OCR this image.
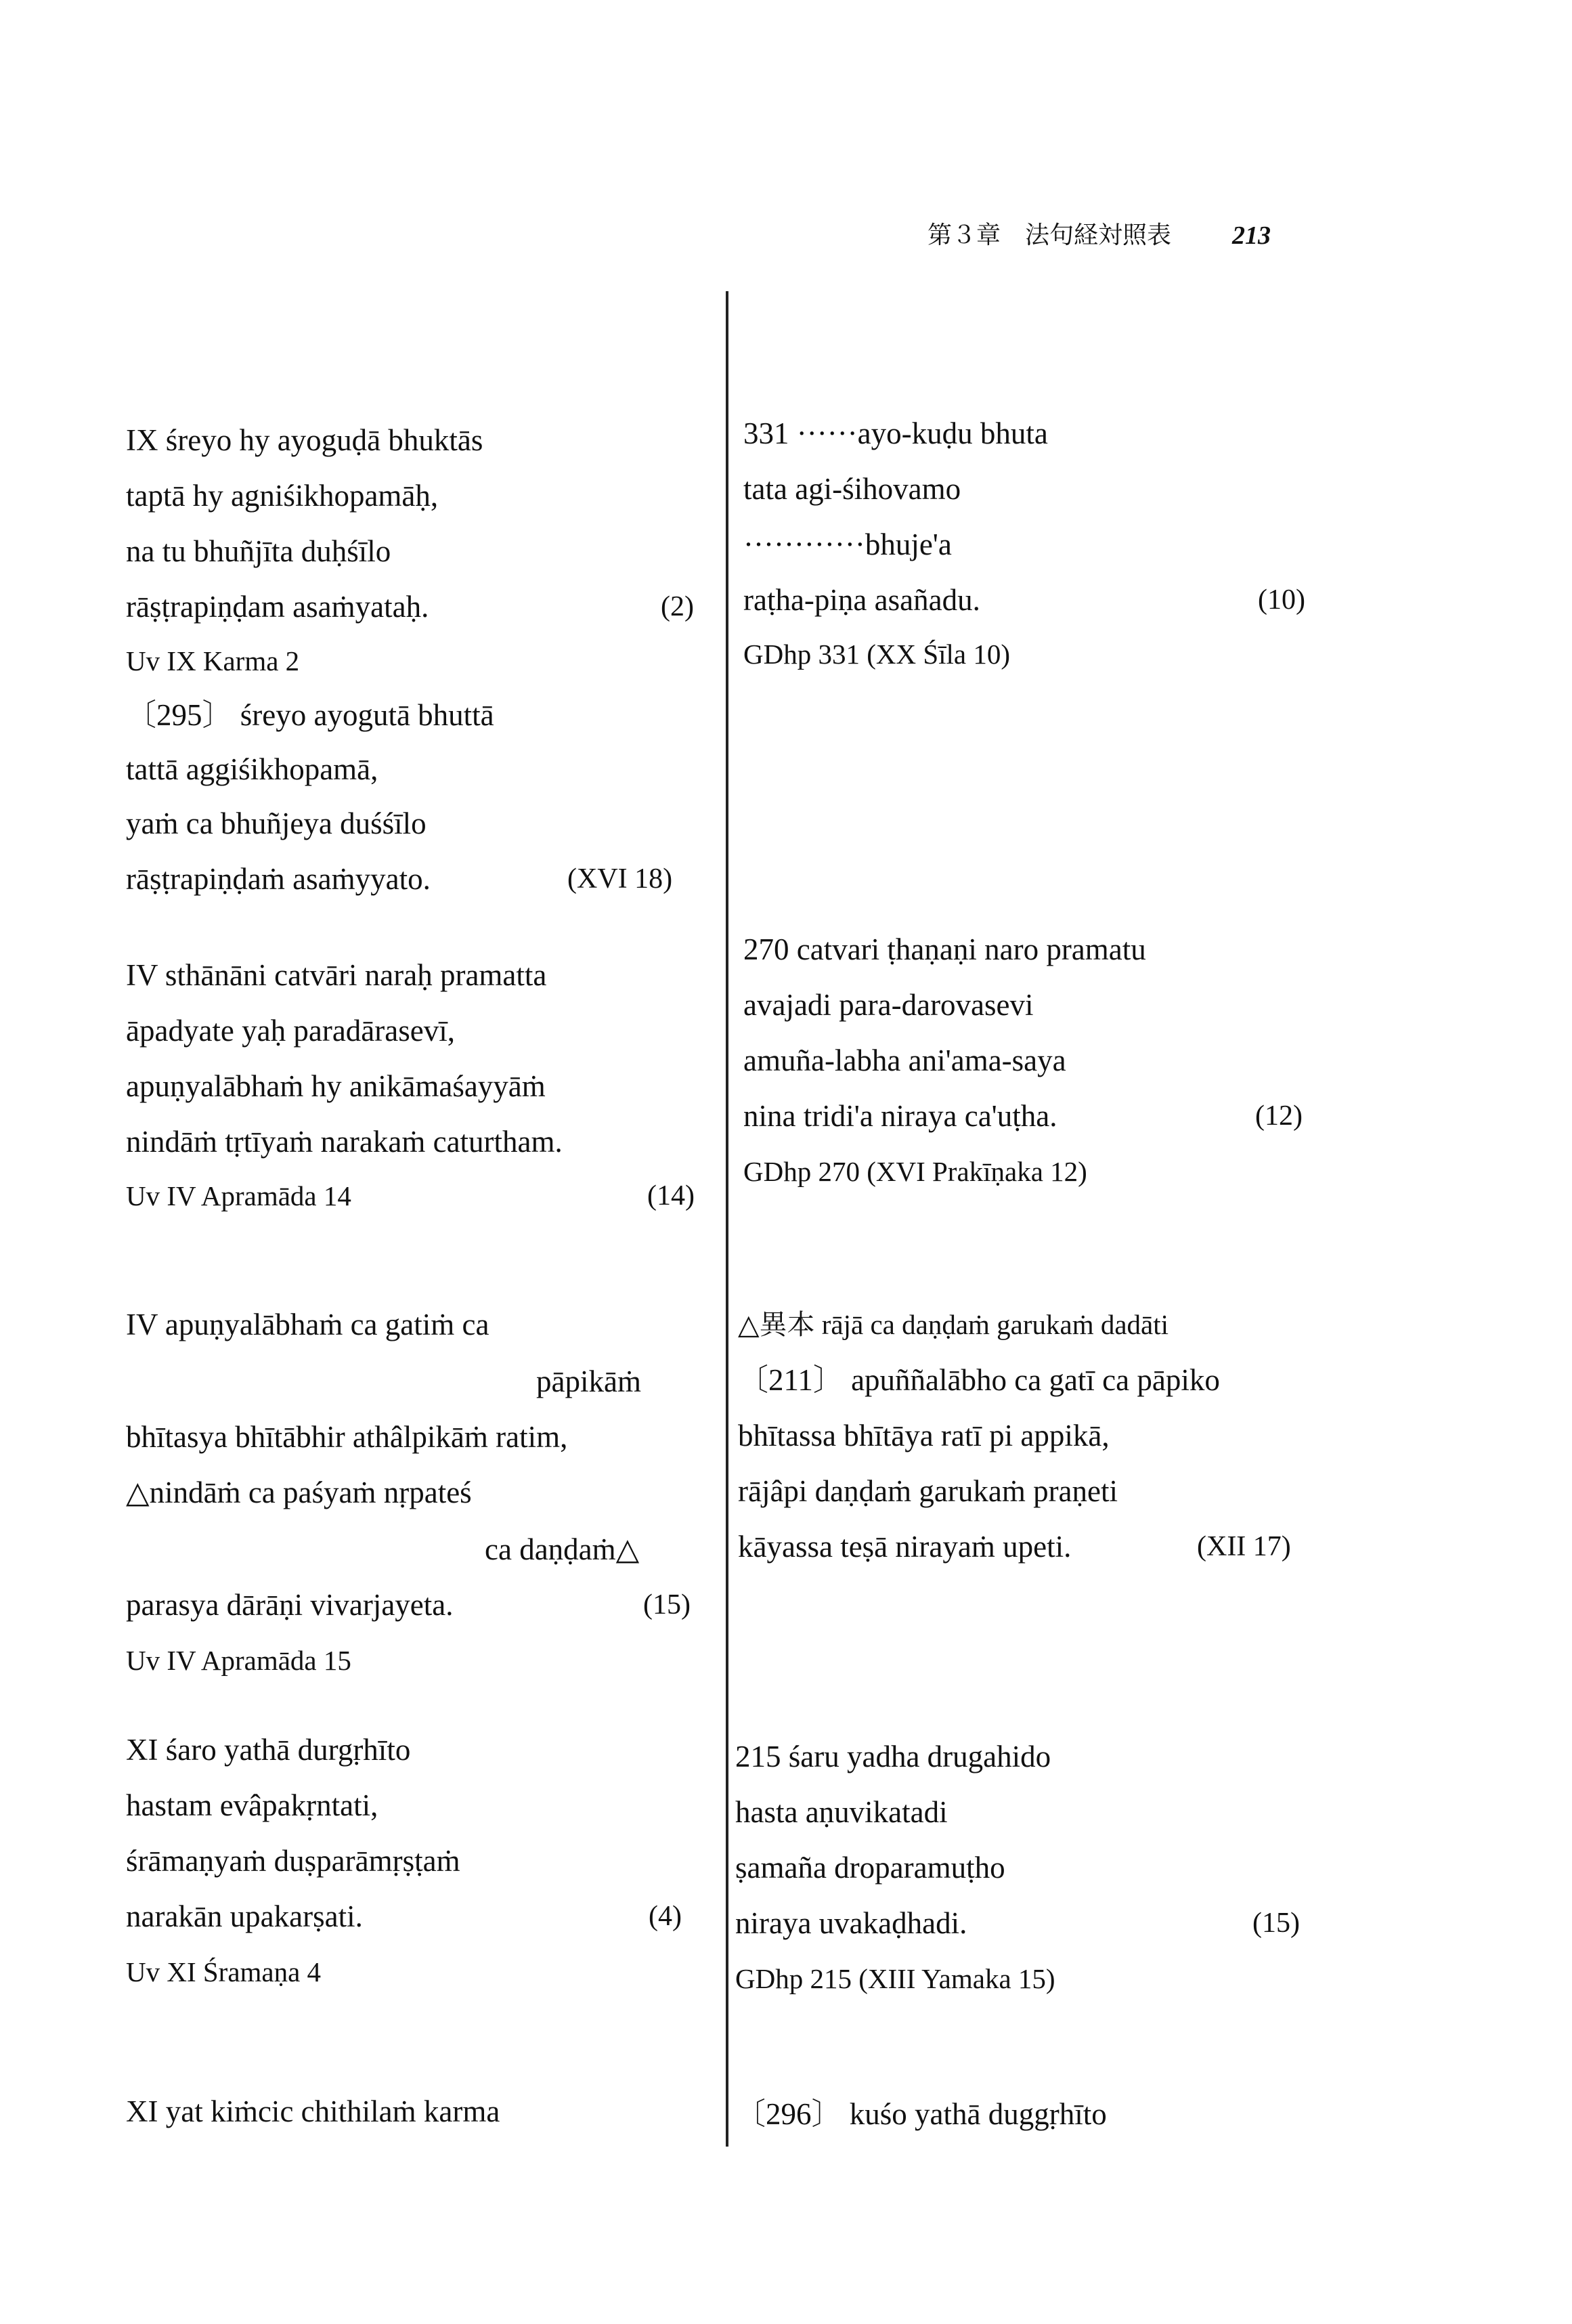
第３章　法句経対照表 213
IX śreyo hy ayoguḍā bhuktās
taptā hy agniśikhopamāḥ,
na tu bhuñjīta duḥśīlo
rāṣṭrapiṇḍam asaṁyataḥ.	(2)
Uv IX Karma 2
〔295〕 śreyo ayogutā bhuttā
tattā aggiśikhopamā,
yaṁ ca bhuñjeya duśśīlo
rāṣṭrapiṇḍaṁ asaṁyyato.	(XVI 18)
IV sthānāni catvāri naraḥ pramatta
āpadyate yaḥ paradārasevī,
apuṇyalābhaṁ hy anikāmaśayyāṁ
nindāṁ tṛtīyaṁ narakaṁ caturtham.
Uv IV Apramāda 14	(14)
IV apuṇyalābhaṁ ca gatiṁ ca
pāpikāṁ
bhītasya bhītābhir athâlpikāṁ ratim,
△nindāṁ ca paśyaṁ nṛpateś
ca daṇḍaṁ△
parasya dārāṇi vivarjayeta.	(15)
Uv IV Apramāda 15
XI śaro yathā durgṛhīto
hastam evâpakṛntati,
śrāmaṇyaṁ duṣparāmṛṣṭaṁ
narakān upakarṣati.	(4)
Uv XI Śramaṇa 4
XI yat kiṁcic chithilaṁ karma
331 ······ayo-kuḍu bhuta
tata agi-śihovamo
············bhuje'a
raṭha-piṇa asañadu.	(10)
GDhp 331 (XX Śīla 10)
270 catvari ṭhaṇaṇi naro pramatu
avajadi para-darovasevi
amuña-labha ani'ama-saya
nina tridi'a niraya ca'uṭha.	(12)
GDhp 270 (XVI Prakīṇaka 12)
△異本 rājā ca daṇḍaṁ garukaṁ dadāti
〔211〕 apuññalābho ca gatī ca pāpiko
bhītassa bhītāya ratī pi appikā,
rājâpi daṇḍaṁ garukaṁ praṇeti
kāyassa teṣā nirayaṁ upeti.	(XII 17)
215 śaru yadha drugahido
hasta aṇuvikatadi
ṣamaña droparamuṭho
niraya uvakaḍhadi.	(15)
GDhp 215 (XIII Yamaka 15)
〔296〕 kuśo yathā duggṛhīto
